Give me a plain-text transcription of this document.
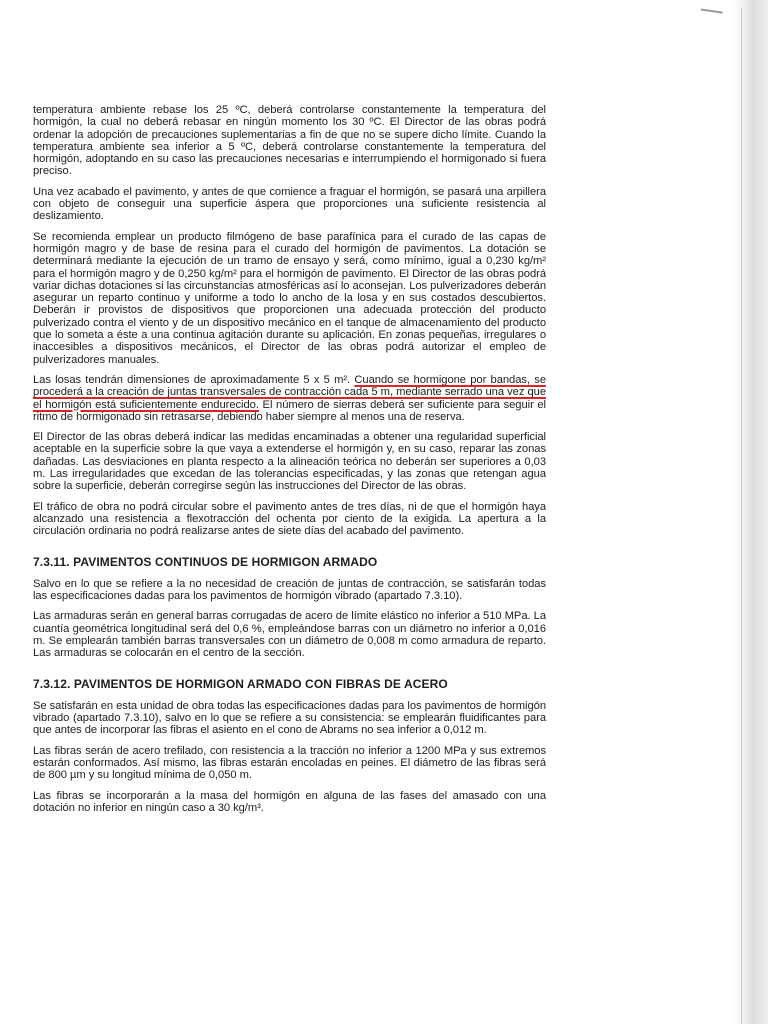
temperatura ambiente rebase los 25 ºC, deberá controlarse constantemente la temperatura del hormigón, la cual no deberá rebasar en ningún momento los 30 ºC. El Director de las obras podrá ordenar la adopción de precauciones suplementarias a fin de que no se supere dicho límite. Cuando la temperatura ambiente sea inferior a 5 ºC, deberá controlarse constantemente la temperatura del hormigón, adoptando en su caso las precauciones necesarias e interrumpiendo el hormigonado si fuera preciso.

Una vez acabado el pavimento, y antes de que comience a fraguar el hormigón, se pasará una arpillera con objeto de conseguir una superficie áspera que proporciones una suficiente resistencia al deslizamiento.

Se recomienda emplear un producto filmógeno de base parafínica para el curado de las capas de hormigón magro y de base de resina para el curado del hormigón de pavimentos. La dotación se determinará mediante la ejecución de un tramo de ensayo y será, como mínimo, igual a 0,230 kg/m² para el hormigón magro y de 0,250 kg/m² para el hormigón de pavimento. El Director de las obras podrá variar dichas dotaciones si las circunstancias atmosféricas así lo aconsejan. Los pulverizadores deberán asegurar un reparto continuo y uniforme a todo lo ancho de la losa y en sus costados descubiertos. Deberán ir provistos de dispositivos que proporcionen una adecuada protección del producto pulverizado contra el viento y de un dispositivo mecánico en el tanque de almacenamiento del producto que lo someta a éste a una continua agitación durante su aplicación. En zonas pequeñas, irregulares o inaccesibles a dispositivos mecánicos, el Director de las obras podrá autorizar el empleo de pulverizadores manuales.

Las losas tendrán dimensiones de aproximadamente 5 x 5 m². Cuando se hormigone por bandas, se procederá a la creación de juntas transversales de contracción cada 5 m, mediante serrado una vez que el hormigón está suficientemente endurecido. El número de sierras deberá ser suficiente para seguir el ritmo de hormigonado sin retrasarse, debiendo haber siempre al menos una de reserva.

El Director de las obras deberá indicar las medidas encaminadas a obtener una regularidad superficial aceptable en la superficie sobre la que vaya a extenderse el hormigón y, en su caso, reparar las zonas dañadas. Las desviaciones en planta respecto a la alineación teórica no deberán ser superiores a 0,03 m. Las irregularidades que excedan de las tolerancias especificadas, y las zonas que retengan agua sobre la superficie, deberán corregirse según las instrucciones del Director de las obras.

El tráfico de obra no podrá circular sobre el pavimento antes de tres días, ni de que el hormigón haya alcanzado una resistencia a flexotracción del ochenta por ciento de la exigida. La apertura a la circulación ordinaria no podrá realizarse antes de siete días del acabado del pavimento.

7.3.11. PAVIMENTOS CONTINUOS DE HORMIGON ARMADO

Salvo en lo que se refiere a la no necesidad de creación de juntas de contracción, se satisfarán todas las especificaciones dadas para los pavimentos de hormigón vibrado (apartado 7.3.10).

Las armaduras serán en general barras corrugadas de acero de límite elástico no inferior a 510 MPa. La cuantía geométrica longitudinal será del 0,6 %, empleándose barras con un diámetro no inferior a 0,016 m. Se emplearán también barras transversales con un diámetro de 0,008 m como armadura de reparto. Las armaduras se colocarán en el centro de la sección.

7.3.12. PAVIMENTOS DE HORMIGON ARMADO CON FIBRAS DE ACERO

Se satisfarán en esta unidad de obra todas las especificaciones dadas para los pavimentos de hormigón vibrado (apartado 7.3.10), salvo en lo que se refiere a su consistencia: se emplearán fluidificantes para que antes de incorporar las fibras el asiento en el cono de Abrams no sea inferior a 0,012 m.

Las fibras serán de acero trefilado, con resistencia a la tracción no inferior a 1200 MPa y sus extremos estarán conformados. Así mismo, las fibras estarán encoladas en peines. El diámetro de las fibras será de 800 µm y su longitud mínima de 0,050 m.

Las fibras se incorporarán a la masa del hormigón en alguna de las fases del amasado con una dotación no inferior en ningún caso a 30 kg/m³.
